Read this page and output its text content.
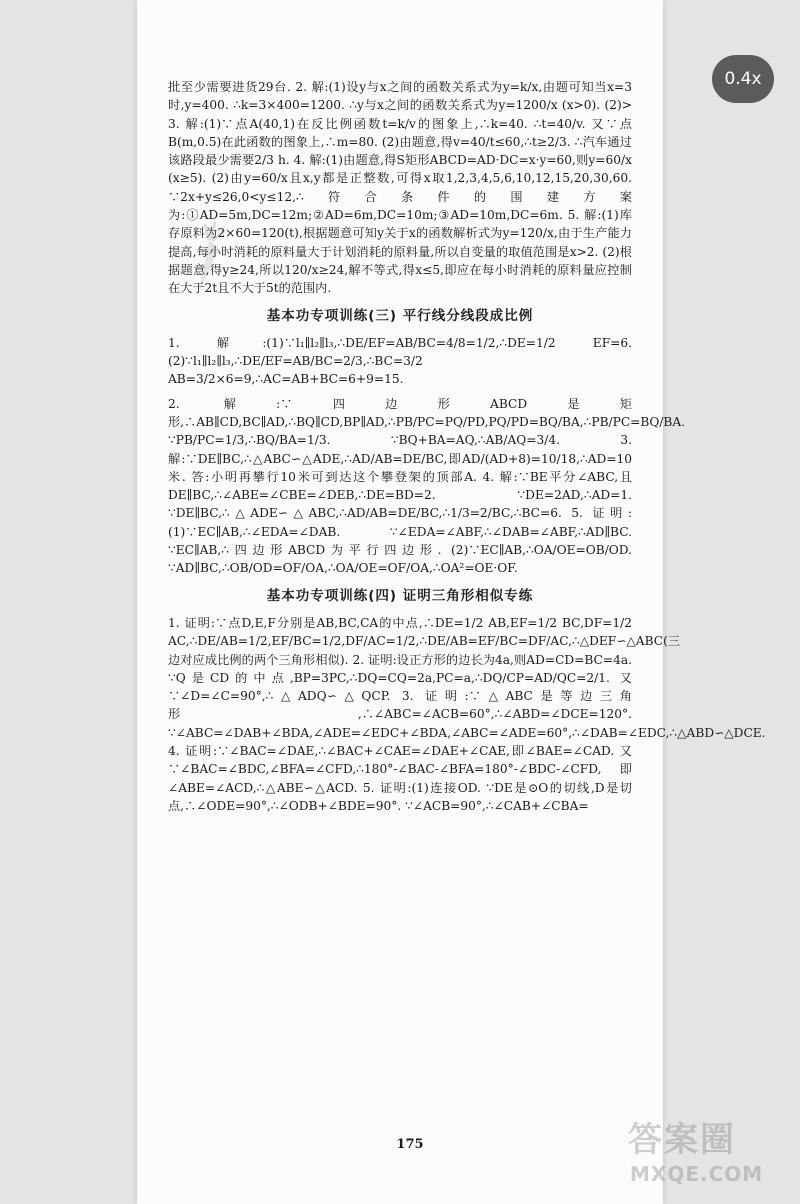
0.4x

批至少需要进货29台. 2. 解:(1)设y与x之间的函数关系式为y=k/x,由题可知当x=3时,y=400. ∴k=3×400=1200. ∴y与x之间的函数关系式为y=1200/x (x>0). (2)> 3. 解:(1)∵点A(40,1)在反比例函数t=k/v的图象上,∴k=40. ∴t=40/v. 又∵点B(m,0.5)在此函数的图象上,∴m=80. (2)由题意,得v=40/t≤60,∴t≥2/3. ∴汽车通过该路段最少需要2/3 h. 4. 解:(1)由题意,得S矩形ABCD=AD·DC=x·y=60,则y=60/x (x≥5). (2)由y=60/x且x,y都是正整数,可得x取1,2,3,4,5,6,10,12,15,20,30,60. ∵2x+y≤26,0<y≤12,∴符合条件的围建方案为:①AD=5m,DC=12m;②AD=6m,DC=10m;③AD=10m,DC=6m. 5. 解:(1)库存原料为2×60=120(t),根据题意可知y关于x的函数解析式为y=120/x,由于生产能力提高,每小时消耗的原料量大于计划消耗的原料量,所以自变量的取值范围是x>2. (2)根据题意,得y≥24,所以120/x≥24,解不等式,得x≤5,即应在每小时消耗的原料量应控制在大于2t且不大于5t的范围内.

基本功专项训练(三) 平行线分线段成比例

1. 解:(1)∵l₁∥l₂∥l₃,∴DE/EF=AB/BC=4/8=1/2,∴DE=1/2 EF=6. (2)∵l₁∥l₂∥l₃,∴DE/EF=AB/BC=2/3,∴BC=3/2 AB=3/2×6=9,∴AC=AB+BC=6+9=15.

2. 解:∵四边形ABCD是矩形,∴AB∥CD,BC∥AD,∴BQ∥CD,BP∥AD,∴PB/PC=PQ/PD,PQ/PD=BQ/BA,∴PB/PC=BQ/BA. ∵PB/PC=1/3,∴BQ/BA=1/3. ∵BQ+BA=AQ,∴AB/AQ=3/4. 3. 解:∵DE∥BC,∴△ABC∽△ADE,∴AD/AB=DE/BC,即AD/(AD+8)=10/18,∴AD=10米. 答:小明再攀行10米可到达这个攀登架的顶部A. 4. 解:∵BE平分∠ABC,且DE∥BC,∴∠ABE=∠CBE=∠DEB,∴DE=BD=2. ∵DE=2AD,∴AD=1. ∵DE∥BC,∴△ADE∽△ABC,∴AD/AB=DE/BC,∴1/3=2/BC,∴BC=6. 5. 证明:(1)∵EC∥AB,∴∠EDA=∠DAB. ∵∠EDA=∠ABF,∴∠DAB=∠ABF,∴AD∥BC. ∵EC∥AB,∴四边形ABCD为平行四边形. (2)∵EC∥AB,∴OA/OE=OB/OD. ∵AD∥BC,∴OB/OD=OF/OA,∴OA/OE=OF/OA,∴OA²=OE·OF.

基本功专项训练(四) 证明三角形相似专练

1. 证明:∵点D,E,F分别是AB,BC,CA的中点,∴DE=1/2 AB,EF=1/2 BC,DF=1/2 AC,∴DE/AB=1/2,EF/BC=1/2,DF/AC=1/2,∴DE/AB=EF/BC=DF/AC,∴△DEF∽△ABC(三边对应成比例的两个三角形相似). 2. 证明:设正方形的边长为4a,则AD=CD=BC=4a. ∵Q是CD的中点,BP=3PC,∴DQ=CQ=2a,PC=a,∴DQ/CP=AD/QC=2/1. 又∵∠D=∠C=90°,∴△ADQ∽△QCP. 3. 证明:∵△ABC是等边三角形,∴∠ABC=∠ACB=60°,∴∠ABD=∠DCE=120°. ∵∠ABC=∠DAB+∠BDA,∠ADE=∠EDC+∠BDA,∠ABC=∠ADE=60°,∴∠DAB=∠EDC,∴△ABD∽△DCE. 4. 证明:∵∠BAC=∠DAE,∴∠BAC+∠CAE=∠DAE+∠CAE,即∠BAE=∠CAD. 又∵∠BAC=∠BDC,∠BFA=∠CFD,∴180°-∠BAC-∠BFA=180°-∠BDC-∠CFD,即∠ABE=∠ACD,∴△ABE∽△ACD. 5. 证明:(1)连接OD. ∵DE是⊙O的切线,D是切点,∴∠ODE=90°,∴∠ODB+∠BDE=90°. ∵∠ACB=90°,∴∠CAB+∠CBA=

175	答案圈
MXQE.COM
